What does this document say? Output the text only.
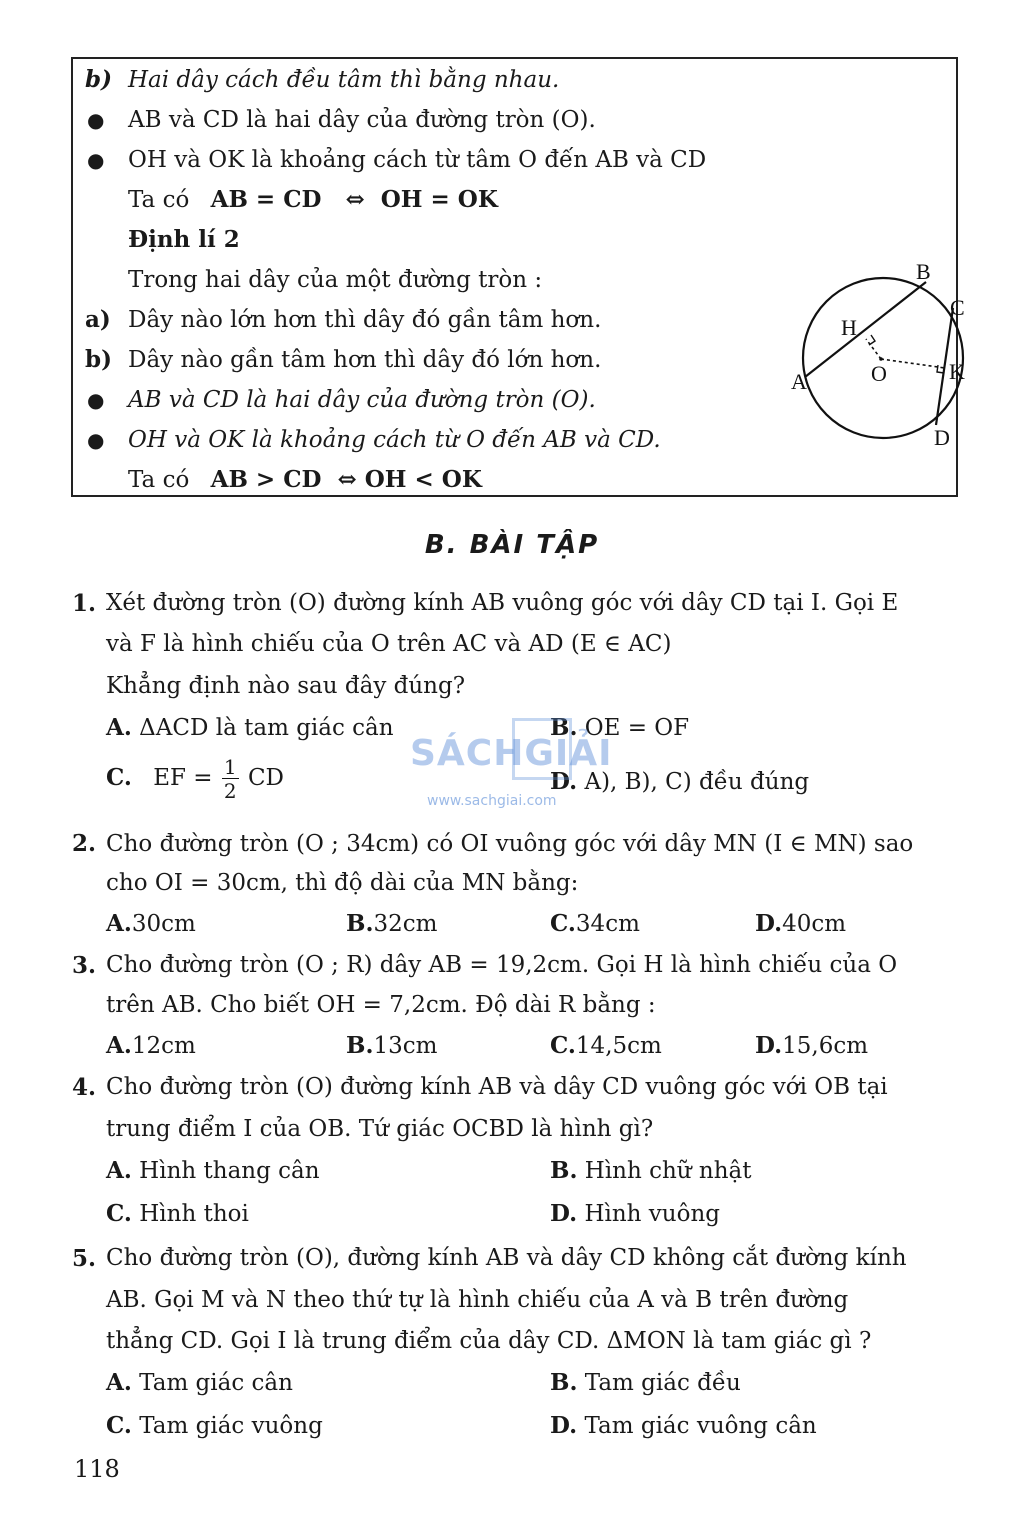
b) Hai dây cách đều tâm thì bằng nhau.
● AB và CD là hai dây của đường tròn (O).
● OH và OK là khoảng cách từ tâm O đến AB và CD
Ta có AB = CD   ⇔  OH = OK
Định lí 2
Trong hai dây của một đường tròn :
a) Dây nào lớn hơn thì dây đó gần tâm hơn.
b) Dây nào gần tâm hơn thì dây đó lớn hơn.
● AB và CD là hai dây của đường tròn (O).
● OH và OK là khoảng cách từ O đến AB và CD.
Ta có AB > CD  ⇔ OH < OK
A
B
C
D
H
O	K
B. BÀI TẬP
1. Xét đường tròn (O) đường kính AB vuông góc với dây CD tại I. Gọi E
và F là hình chiếu của O trên AC và AD (E ∈ AC)
Khẳng định nào sau đây đúng?
A. ΔACD là tam giác cân	B. OE = OF
C. EF = $\frac{1}{2}$ CD	D. A), B), C) đều đúng
2. Cho đường tròn (O ; 34cm) có OI vuông góc với dây MN (I ∈ MN) sao
cho OI = 30cm, thì độ dài của MN bằng:
A.30cm	B.32cm	C.34cm	D.40cm
3. Cho đường tròn (O ; R) dây AB = 19,2cm. Gọi H là hình chiếu của O
trên AB. Cho biết OH = 7,2cm. Độ dài R bằng :
A.12cm	B.13cm	C.14,5cm	D.15,6cm
4. Cho đường tròn (O) đường kính AB và dây CD vuông góc với OB tại
trung điểm I của OB. Tứ giác OCBD là hình gì?
A. Hình thang cân	B. Hình chữ nhật
C. Hình thoi	D. Hình vuông
5. Cho đường tròn (O), đường kính AB và dây CD không cắt đường kính
AB. Gọi M và N theo thứ tự là hình chiếu của A và B trên đường
thẳng CD. Gọi I là trung điểm của dây CD. ΔMON là tam giác gì ?
A. Tam giác cân	B. Tam giác đều
C. Tam giác vuông	D. Tam giác vuông cân
SÁCHGIẢI
www.sachgiai.com
118
